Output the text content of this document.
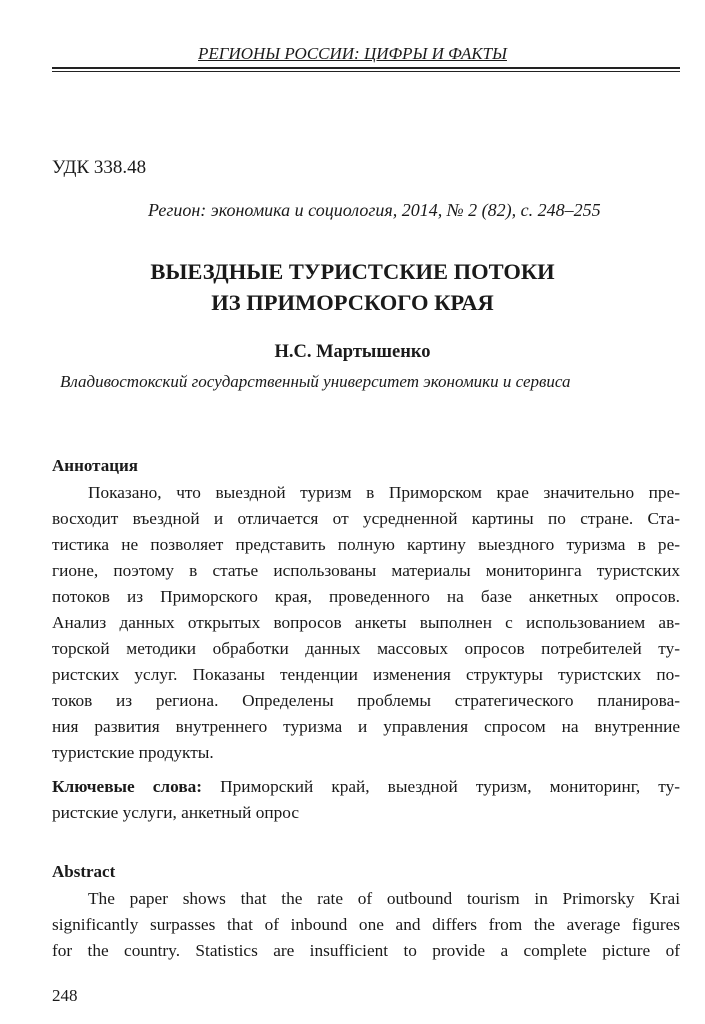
РЕГИОНЫ РОССИИ: ЦИФРЫ И ФАКТЫ
УДК 338.48
Регион: экономика и социология, 2014, № 2 (82), с. 248–255
ВЫЕЗДНЫЕ ТУРИСТСКИЕ ПОТОКИ
ИЗ ПРИМОРСКОГО КРАЯ
Н.С. Мартышенко
Владивостокский государственный университет экономики и сервиса
Аннотация
Показано, что выездной туризм в Приморском крае значительно пре-
восходит въездной и отличается от усредненной картины по стране. Ста-
тистика не позволяет представить полную картину выездного туризма в ре-
гионе, поэтому в статье использованы материалы мониторинга туристских
потоков из Приморского края, проведенного на базе анкетных опросов.
Анализ данных открытых вопросов анкеты выполнен с использованием ав-
торской методики обработки данных массовых опросов потребителей ту-
ристских услуг. Показаны тенденции изменения структуры туристских по-
токов из региона. Определены проблемы стратегического планирова-
ния развития внутреннего туризма и управления спросом на внутренние
туристские продукты.
Ключевые слова: Приморский край, выездной туризм, мониторинг, ту-
ристские услуги, анкетный опрос
Abstract
The paper shows that the rate of outbound tourism in Primorsky Krai
significantly surpasses that of inbound one and differs from the average figures
for the country. Statistics are insufficient to provide a complete picture of
248
